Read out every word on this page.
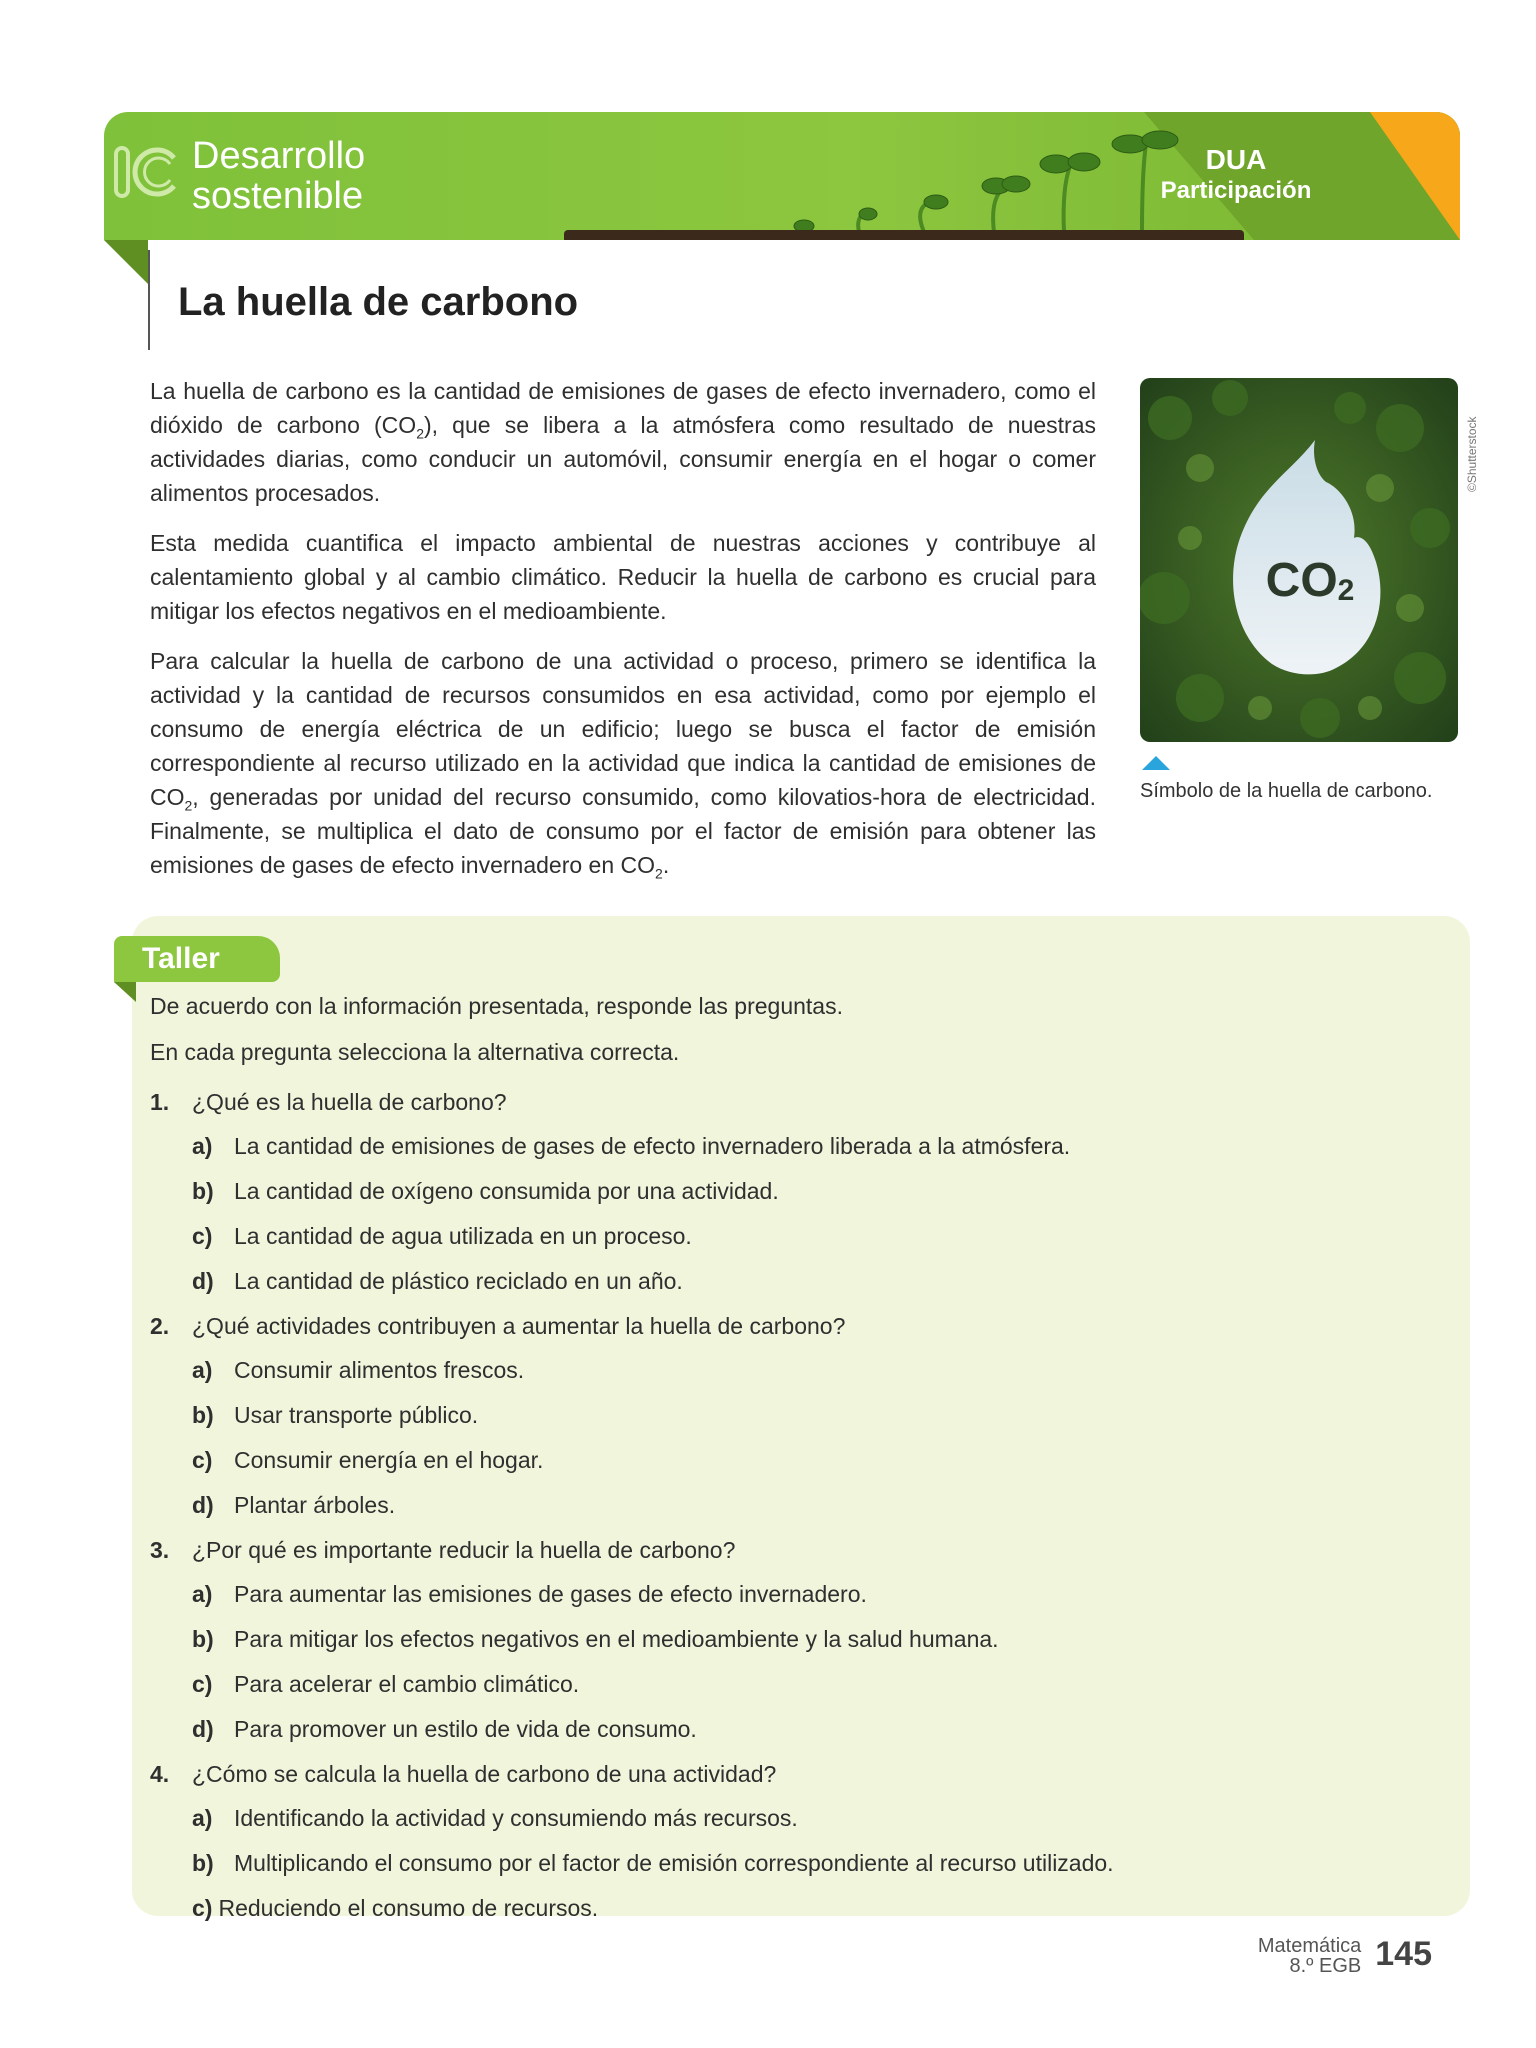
Desarrollo
sostenible
DUA
Participación
La huella de carbono

La huella de carbono es la cantidad de emisiones de gases de efecto invernadero, como el dióxido de carbono $(CO_2)$, que se libera a la atmósfera como resultado de nuestras actividades diarias, como conducir un automóvil, consumir energía en el hogar o comer alimentos procesados.

Esta medida cuantifica el impacto ambiental de nuestras acciones y contribuye al calentamiento global y al cambio climático. Reducir la huella de carbono es crucial para mitigar los efectos negativos en el medioambiente.

Para calcular la huella de carbono de una actividad o proceso, primero se identifica la actividad y la cantidad de recursos consumidos en esa actividad, como por ejemplo el consumo de energía eléctrica de un edificio; luego se busca el factor de emisión correspondiente al recurso utilizado en la actividad que indica la cantidad de emisiones de $CO_2$, generadas por unidad del recurso consumido, como kilovatios-hora de electricidad. Finalmente, se multiplica el dato de consumo por el factor de emisión para obtener las emisiones de gases de efecto invernadero en $CO_2$.

CO2
©Shutterstock
Símbolo de la huella de carbono.
Taller

De acuerdo con la información presentada, responde las preguntas.

En cada pregunta selecciona la alternativa correcta.

1. ¿Qué es la huella de carbono?
a) La cantidad de emisiones de gases de efecto invernadero liberada a la atmósfera.
b) La cantidad de oxígeno consumida por una actividad.
c) La cantidad de agua utilizada en un proceso.
d) La cantidad de plástico reciclado en un año.
2. ¿Qué actividades contribuyen a aumentar la huella de carbono?
a) Consumir alimentos frescos.
b) Usar transporte público.
c) Consumir energía en el hogar.
d) Plantar árboles.
3. ¿Por qué es importante reducir la huella de carbono?
a) Para aumentar las emisiones de gases de efecto invernadero.
b) Para mitigar los efectos negativos en el medioambiente y la salud humana.
c) Para acelerar el cambio climático.
d) Para promover un estilo de vida de consumo.
4. ¿Cómo se calcula la huella de carbono de una actividad?
a) Identificando la actividad y consumiendo más recursos.
b) Multiplicando el consumo por el factor de emisión correspondiente al recurso utilizado.
c) Reduciendo el consumo de recursos.
Matemática
8.º EGB 145
